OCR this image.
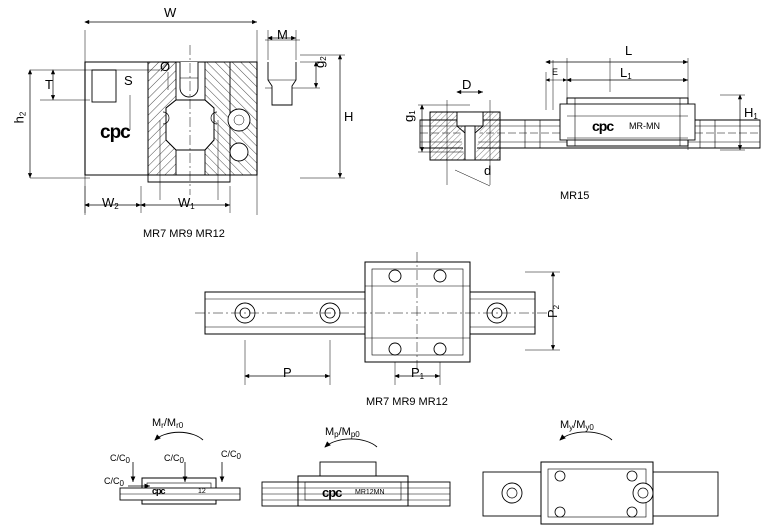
W
M
T	S
Ø
$h_2$
$g_2$
H
$W_2$	$W_1$
cpc
MR7 MR9 MR12
D
d
$g_1$
L
$L_1$
E
$H_1$
cpc MR-MN
MR15
P	$P_1$
$P_2$
MR7 MR9 MR12
$M_r/M_{r0}$
C/C0
C/C0	C/C0
C/C0
cpc	12
$M_p/M_{p0}$
cpc MR12MN
$M_y/M_{y0}$
